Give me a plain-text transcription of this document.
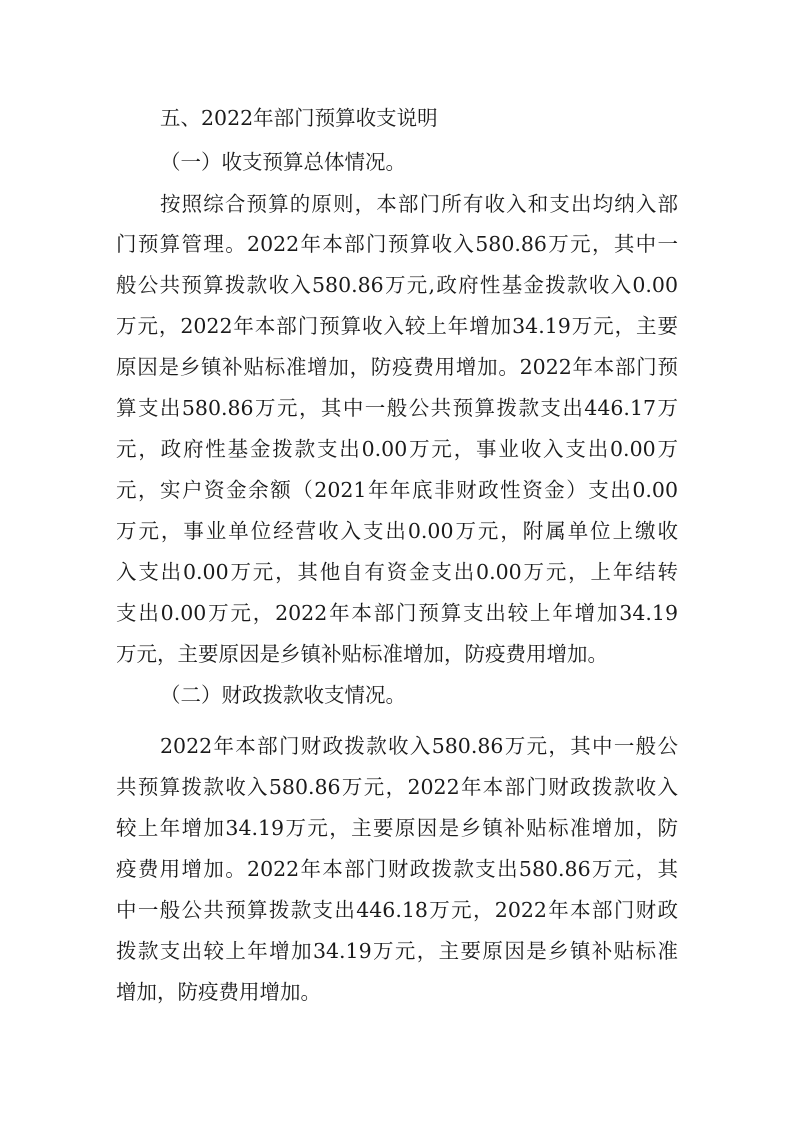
五、2022年部门预算收支说明
（一）收支预算总体情况。
按照综合预算的原则，本部门所有收入和支出均纳入部
门预算管理。2022年本部门预算收入580.86万元，其中一
般公共预算拨款收入580.86万元,政府性基金拨款收入0.00
万元，2022年本部门预算收入较上年增加34.19万元，主要
原因是乡镇补贴标准增加，防疫费用增加。2022年本部门预
算支出580.86万元，其中一般公共预算拨款支出446.17万
元，政府性基金拨款支出0.00万元，事业收入支出0.00万
元，实户资金余额（2021年年底非财政性资金）支出0.00
万元，事业单位经营收入支出0.00万元，附属单位上缴收
入支出0.00万元，其他自有资金支出0.00万元，上年结转
支出0.00万元，2022年本部门预算支出较上年增加34.19
万元，主要原因是乡镇补贴标准增加，防疫费用增加。
（二）财政拨款收支情况。
2022年本部门财政拨款收入580.86万元，其中一般公
共预算拨款收入580.86万元，2022年本部门财政拨款收入
较上年增加34.19万元，主要原因是乡镇补贴标准增加，防
疫费用增加。2022年本部门财政拨款支出580.86万元，其
中一般公共预算拨款支出446.18万元，2022年本部门财政
拨款支出较上年增加34.19万元，主要原因是乡镇补贴标准
增加，防疫费用增加。
